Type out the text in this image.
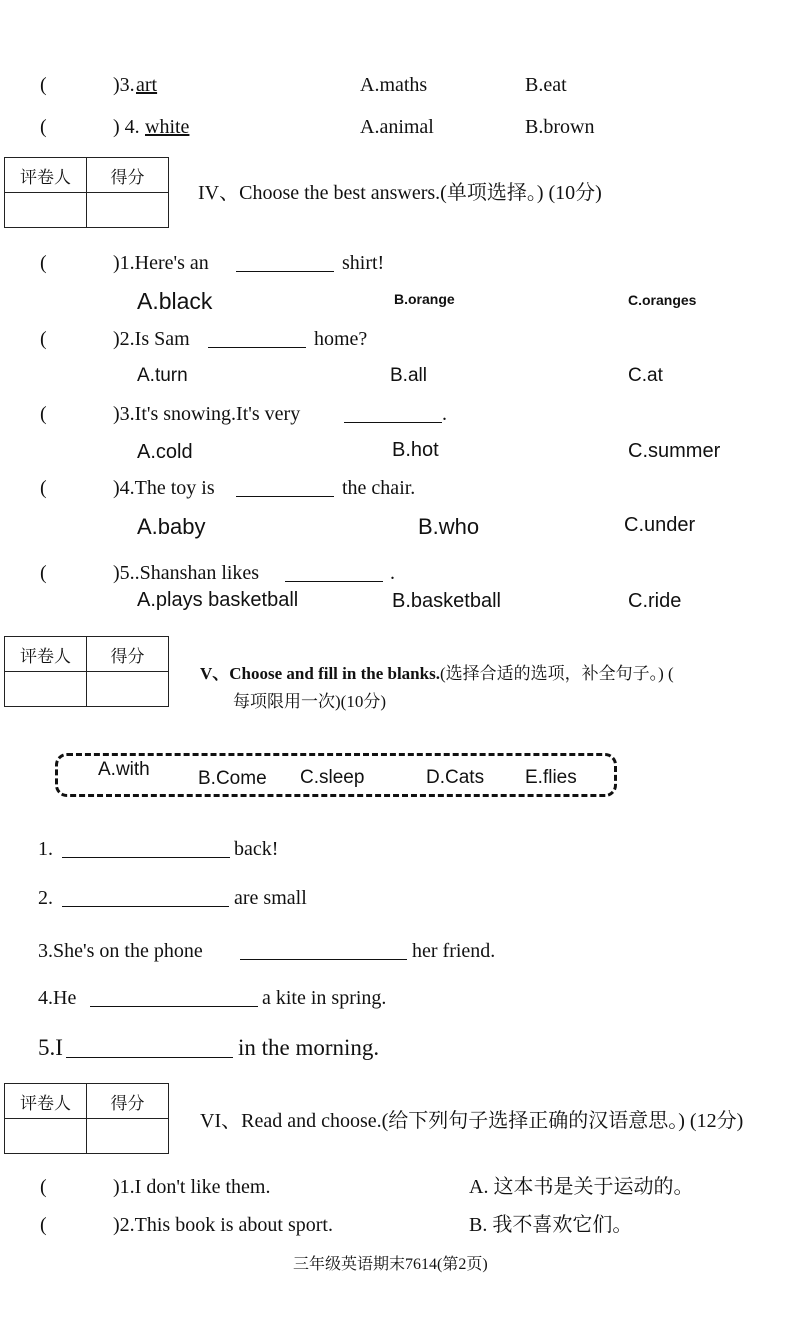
(	)3. art	A.maths	B.eat
(	) 4. white	A.animal	B.brown
评卷人	得分

IV、Choose the best answers.(单项选择。) (10分)
(	)1.Here's an	shirt!
A.black	B.orange	C.oranges
(	)2.Is Sam	home?
A.turn	B.all	C.at
(	)3.It's snowing.It's very	.
A.cold	B.hot	C.summer
(	)4.The toy is	the chair.
A.baby	B.who	C.under
(	)5..Shanshan likes	.
A.plays basketball	B.basketball	C.ride
评卷人	得分

V、Choose and fill in the blanks.(选择合适的选项，补全句子。) (
每项限用一次)(10分)
A.with	B.Come C.sleep	D.Cats E.flies
1.	back!
2.	are small
3.She's on the phone	her friend.
4.He	a kite in spring.
5.I	in the morning.
评卷人	得分

VI、Read and choose.(给下列句子选择正确的汉语意思。) (12分)
(	)1.I don't like them.	A. 这本书是关于运动的。
(	)2.This book is about sport.	B. 我不喜欢它们。
三年级英语期末7614(第2页)
